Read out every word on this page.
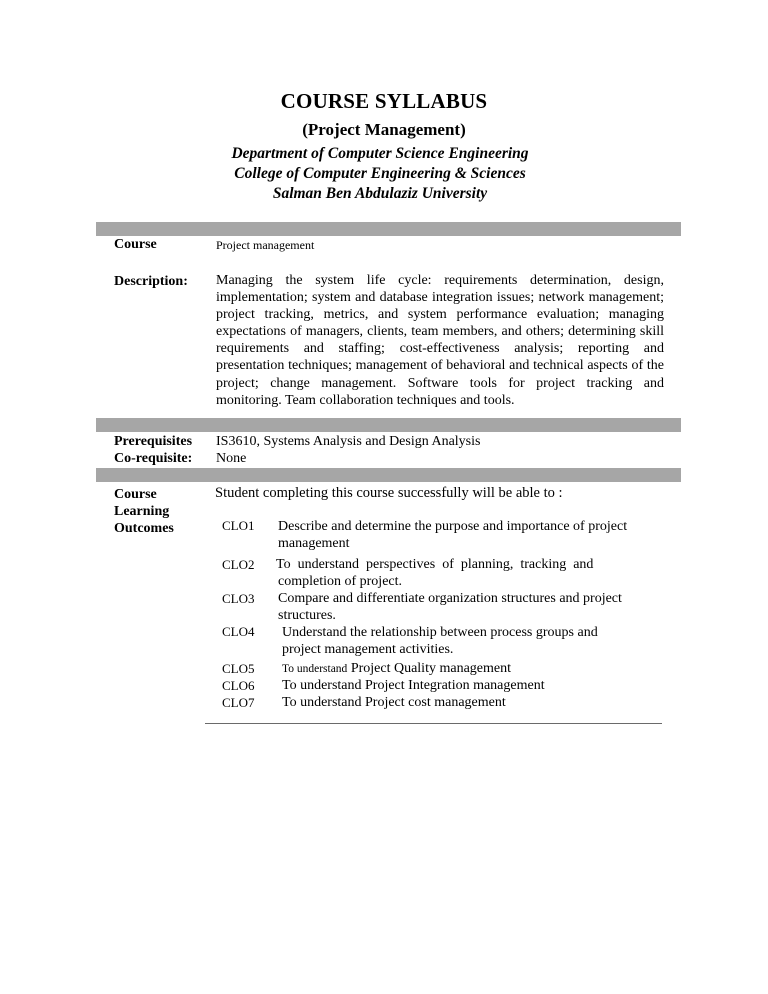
COURSE SYLLABUS
(Project Management)
Department of Computer Science Engineering
College of Computer Engineering & Sciences
Salman Ben Abdulaziz University
Course	Project management
Description: Managing the system life cycle: requirements determination, design, implementation; system and database integration issues; network management; project tracking, metrics, and system performance evaluation; managing expectations of managers, clients, team members, and others; determining skill requirements and staffing; cost-effectiveness analysis; reporting and presentation techniques; management of behavioral and technical aspects of the project; change management. Software tools for project tracking and monitoring. Team collaboration techniques and tools.
Prerequisites
Co-requisite:
IS3610, Systems Analysis and Design Analysis
None
Course
Learning
Outcomes
Student completing this course successfully will be able to :
CLO1 Describe and determine the purpose and importance of project
management
CLO2 To  understand  perspectives  of  planning,  tracking  and
completion of project.
CLO3 Compare and differentiate organization structures and project
structures.
CLO4 Understand the relationship between process groups and
project management activities.
CLO5 To understand Project Quality management
CLO6 To understand Project Integration management
CLO7 To understand Project cost management
